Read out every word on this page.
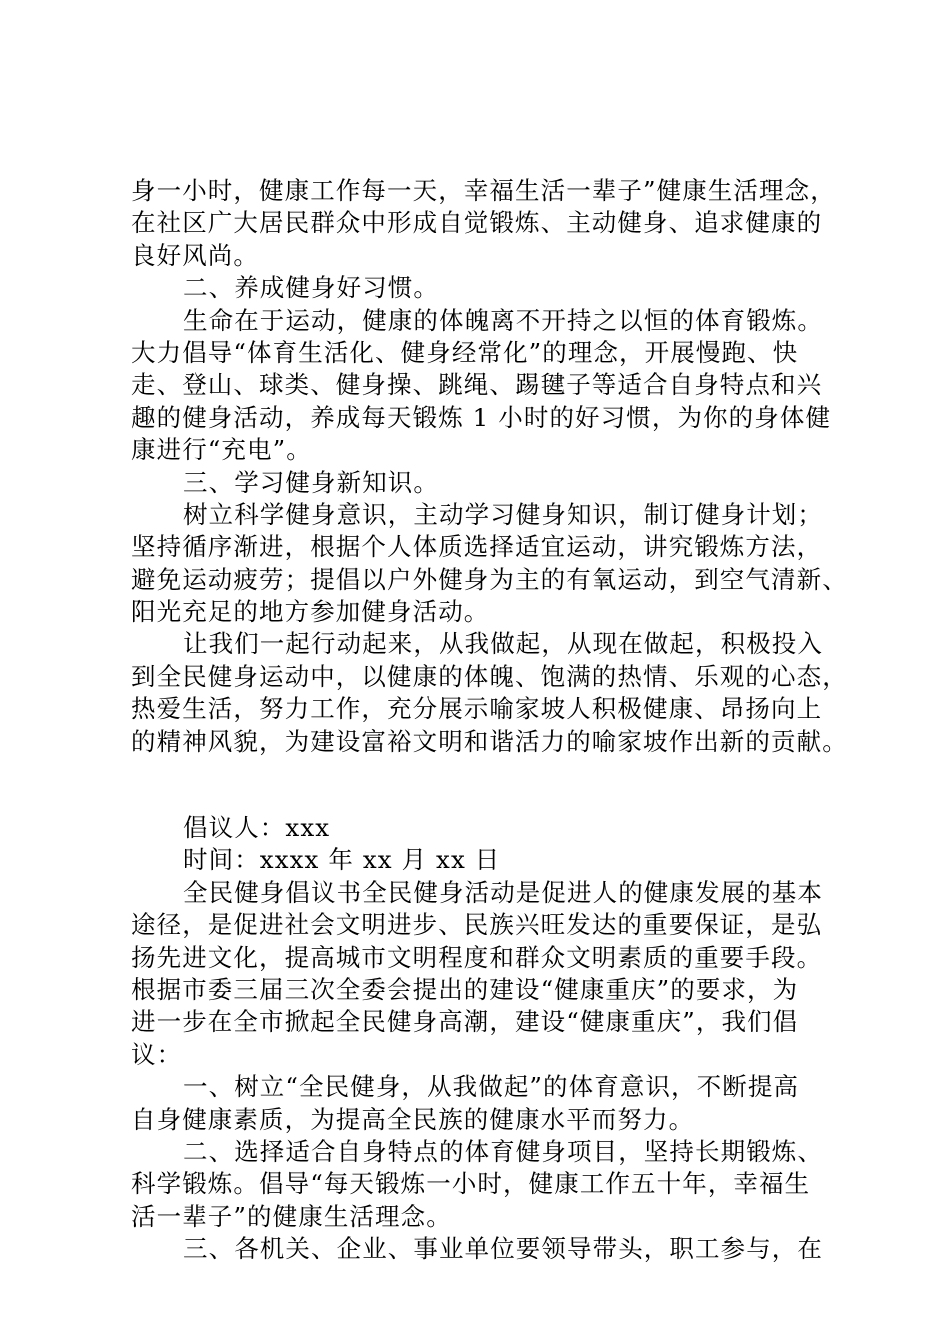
身一小时，健康工作每一天，幸福生活一辈子”健康生活理念，
在社区广大居民群众中形成自觉锻炼、主动健身、追求健康的
良好风尚。
二、养成健身好习惯。
生命在于运动，健康的体魄离不开持之以恒的体育锻炼。
大力倡导“体育生活化、健身经常化”的理念，开展慢跑、快
走、登山、球类、健身操、跳绳、踢毽子等适合自身特点和兴
趣的健身活动，养成每天锻炼 1 小时的好习惯，为你的身体健
康进行“充电”。
三、学习健身新知识。
树立科学健身意识，主动学习健身知识，制订健身计划；
坚持循序渐进，根据个人体质选择适宜运动，讲究锻炼方法，
避免运动疲劳；提倡以户外健身为主的有氧运动，到空气清新、
阳光充足的地方参加健身活动。
让我们一起行动起来，从我做起，从现在做起，积极投入
到全民健身运动中，以健康的体魄、饱满的热情、乐观的心态，
热爱生活，努力工作，充分展示喻家坡人积极健康、昂扬向上
的精神风貌，为建设富裕文明和谐活力的喻家坡作出新的贡献。
倡议人：xxx
时间：xxxx 年 xx 月 xx 日
全民健身倡议书全民健身活动是促进人的健康发展的基本
途径，是促进社会文明进步、民族兴旺发达的重要保证，是弘
扬先进文化，提高城市文明程度和群众文明素质的重要手段。
根据市委三届三次全委会提出的建设“健康重庆”的要求，为
进一步在全市掀起全民健身高潮，建设“健康重庆”，我们倡
议：
一、树立“全民健身，从我做起”的体育意识，不断提高
自身健康素质，为提高全民族的健康水平而努力。
二、选择适合自身特点的体育健身项目，坚持长期锻炼、
科学锻炼。倡导“每天锻炼一小时，健康工作五十年，幸福生
活一辈子”的健康生活理念。
三、各机关、企业、事业单位要领导带头，职工参与，在
